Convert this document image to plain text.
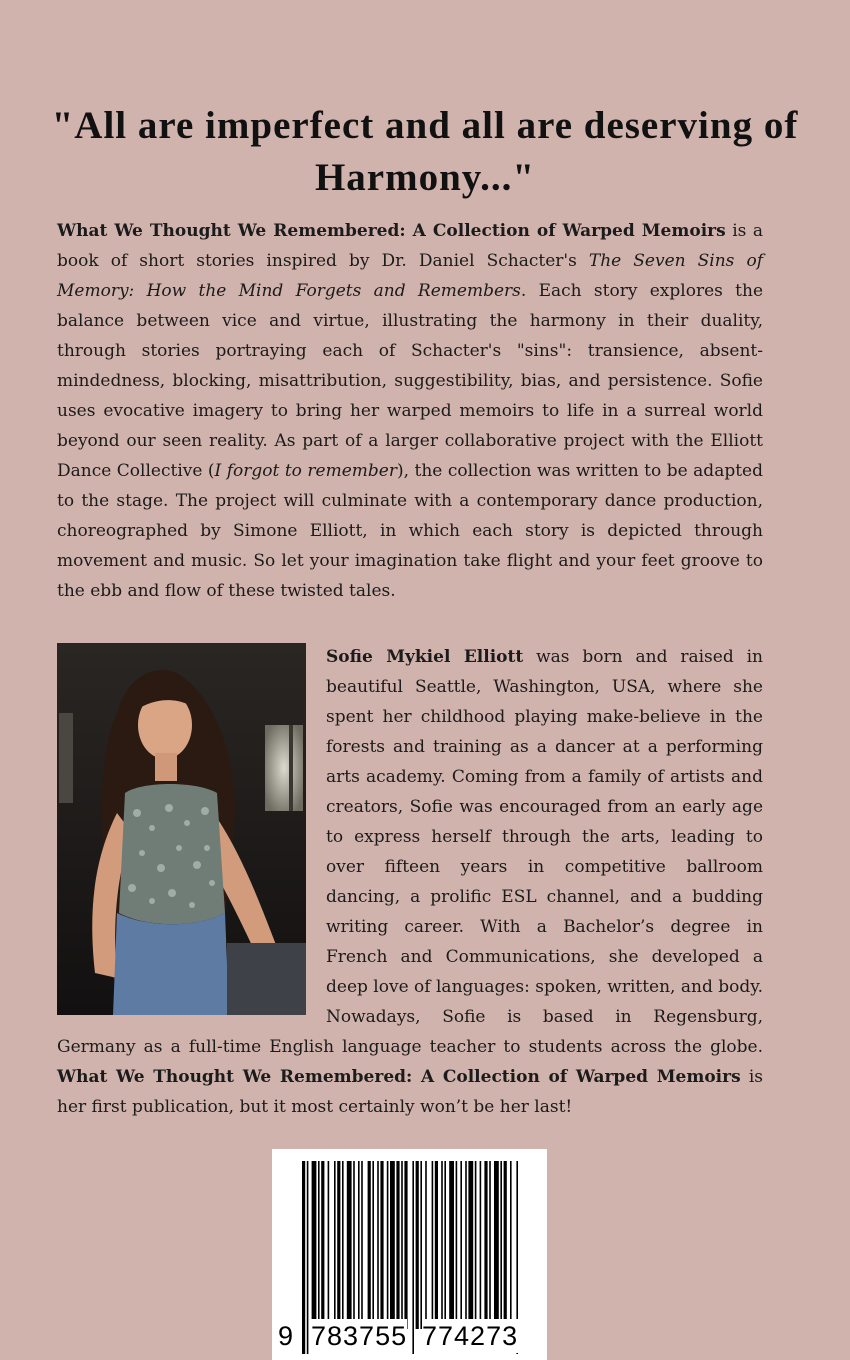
"All are imperfect and all are deserving of Harmony..."

What We Thought We Remembered: A Collection of Warped Memoirs is a book of short stories inspired by Dr. Daniel Schacter's The Seven Sins of Memory: How the Mind Forgets and Remembers. Each story explores the balance between vice and virtue, illustrating the harmony in their duality, through stories portraying each of Schacter's "sins": transience, absent-mindedness, blocking, misattribution, suggestibility, bias, and persistence. Sofie uses evocative imagery to bring her warped memoirs to life in a surreal world beyond our seen reality. As part of a larger collaborative project with the Elliott Dance Collective (I forgot to remember), the collection was written to be adapted to the stage. The project will culminate with a contemporary dance production, choreographed by Simone Elliott, in which each story is depicted through movement and music. So let your imagination take flight and your feet groove to the ebb and flow of these twisted tales.

Sofie Mykiel Elliott was born and raised in beautiful Seattle, Washington, USA, where she spent her childhood playing make-believe in the forests and training as a dancer at a performing arts academy. Coming from a family of artists and creators, Sofie was encouraged from an early age to express herself through the arts, leading to over fifteen years in competitive ballroom dancing, a prolific ESL channel, and a budding writing career. With a Bachelor’s degree in French and Communications, she developed a deep love of languages: spoken, written, and body. Nowadays, Sofie is based in Regensburg, Germany as a full-time English language teacher to students across the globe. What We Thought We Remembered: A Collection of Warped Memoirs is her first publication, but it most certainly won’t be her last!

9 783755 774273
